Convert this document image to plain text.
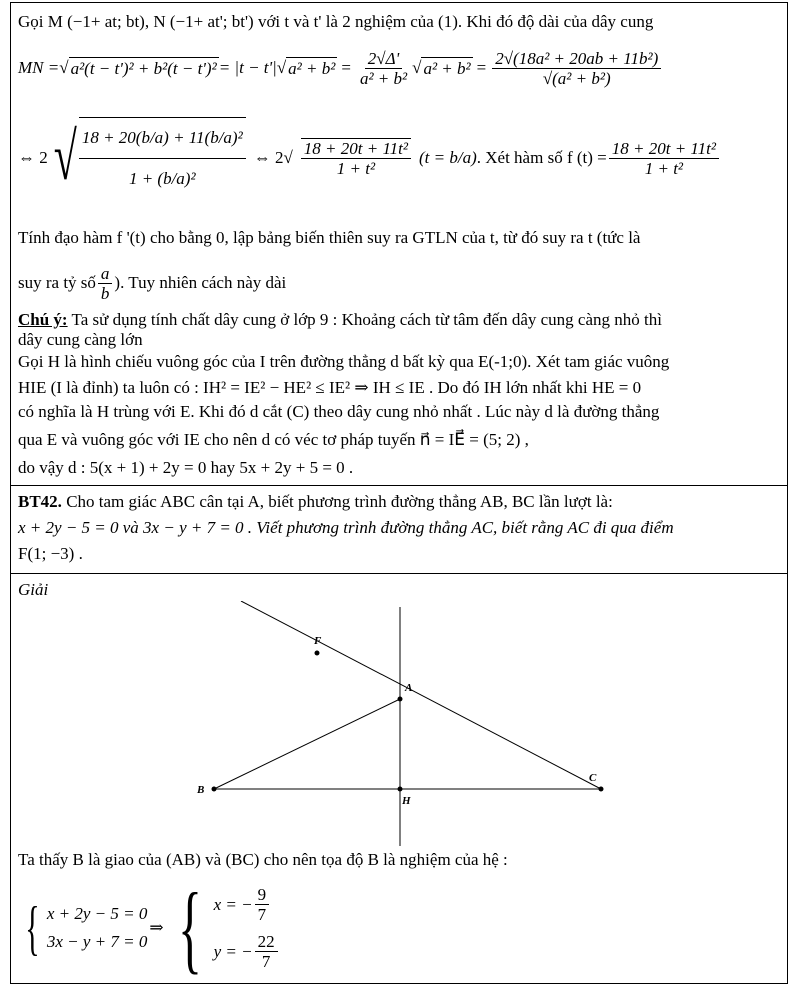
Gọi M (−1+ at; bt), N (−1+ at'; bt') với t và t' là 2 nghiệm của (1). Khi đó độ dài của dây cung
MN = √ a²(t − t')² + b²(t − t')² = |t − t'| √ $a^2 + b^2 = \frac{2√\Delta'}{\text{a² + b²}}$ √ $a^2 + b^2 = \frac{\text{2√(18a² + 20ab + 11b²)}}{\text{√(a² + b²)}}$
⇔ 2 √ $\frac{\text{18 + 20(b/a) + 11(b/a)²}}{\text{1 + (b/a)²}}$ ⇔ $2√ \frac{\text{18 + 20t + 11t²}}{\text{1 + t²}} (t = b/a)$ . Xét hàm số f $(t) = \frac{\text{18 + 20t + 11t²}}{\text{1 + t²}}$
Tính đạo hàm f '(t) cho bằng 0, lập bảng biến thiên suy ra GTLN của t, từ đó suy ra t (tức là
suy ra tỷ số $\frac{a}{b}$ ). Tuy nhiên cách này dài
Chú ý: Ta sử dụng tính chất dây cung ở lớp 9 : Khoảng cách từ tâm đến dây cung càng nhỏ thì
dây cung càng lớn
Gọi H là hình chiếu vuông góc của I trên đường thẳng d bất kỳ qua E(-1;0). Xét tam giác vuông
HIE (I là đỉnh) ta luôn có : IH² = IE² − HE² ≤ IE² ⇒ IH ≤ IE . Do đó IH lớn nhất khi HE = 0
có nghĩa là H trùng với E. Khi đó d cắt (C) theo dây cung nhỏ nhất . Lúc này d là đường thẳng
qua E và vuông góc với IE cho nên d có véc tơ pháp tuyến n⃗ = IE⃗ = (5; 2) ,
do vậy d : 5(x + 1) + 2y = 0 hay 5x + 2y + 5 = 0 .
BT42. Cho tam giác ABC cân tại A, biết phương trình đường thẳng AB, BC lần lượt là:
x + 2y − 5 = 0 và 3x − y + 7 = 0 . Viết phương trình đường thẳng AC, biết rằng AC đi qua điểm
F(1; −3) .
Giải
F
A
B
H
C
Ta thấy B là giao của (AB) và (BC) cho nên tọa độ B là nghiệm của hệ :
{ x + 2y − 5 = 0
3x − y + 7 = 0
⇒ { x = − $\frac{9}{7}$
y = − $\frac{22}{7}$
